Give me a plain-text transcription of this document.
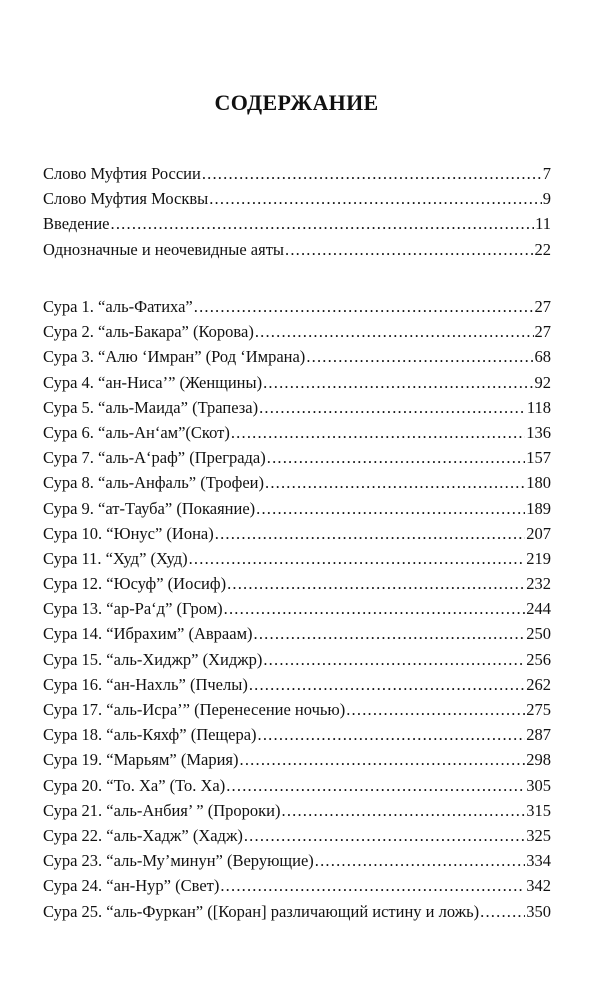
СОДЕРЖАНИЕ
Слово Муфтия России .....	7
Слово Муфтия Москвы .....	9
Введение .....	11
Однозначные и неочевидные аяты .....	22
Сура 1. “аль-Фатиха” .....	27
Сура 2. “аль-Бакара” (Корова) .....	27
Сура 3. “Алю ‘Имран” (Род ‘Имрана) .....	68
Сура 4. “ан-Ниса’” (Женщины) .....	92
Сура 5. “аль-Маида” (Трапеза) .....	118
Сура 6. “аль-Ан‘ам”(Скот) .....	136
Сура 7. “аль-А‘раф” (Преграда) .....	157
Сура 8. “аль-Анфаль” (Трофеи) .....	180
Сура 9. “ат-Тауба” (Покаяние) .....	189
Сура 10. “Юнус” (Иона) .....	207
Сура 11. “Худ” (Худ) .....	219
Сура 12. “Юсуф” (Иосиф) .....	232
Сура 13. “ар-Ра‘д” (Гром) .....	244
Сура 14. “Ибрахим” (Авраам) .....	250
Сура 15. “аль-Хиджр” (Хиджр) .....	256
Сура 16. “ан-Нахль” (Пчелы) .....	262
Сура 17. “аль-Исра’” (Перенесение ночью) .....	275
Сура 18. “аль-Кяхф” (Пещера) .....	287
Сура 19. “Марьям” (Мария) .....	298
Сура 20. “То. Ха” (То. Ха) .....	305
Сура 21. “аль-Анбия’ ” (Пророки) .....	315
Сура 22. “аль-Хадж” (Хадж) .....	325
Сура 23. “аль-Му’минун” (Верующие) .....	334
Сура 24. “ан-Нур” (Свет) .....	342
Сура 25. “аль-Фуркан” ([Коран] различающий истину и ложь) .....	350
